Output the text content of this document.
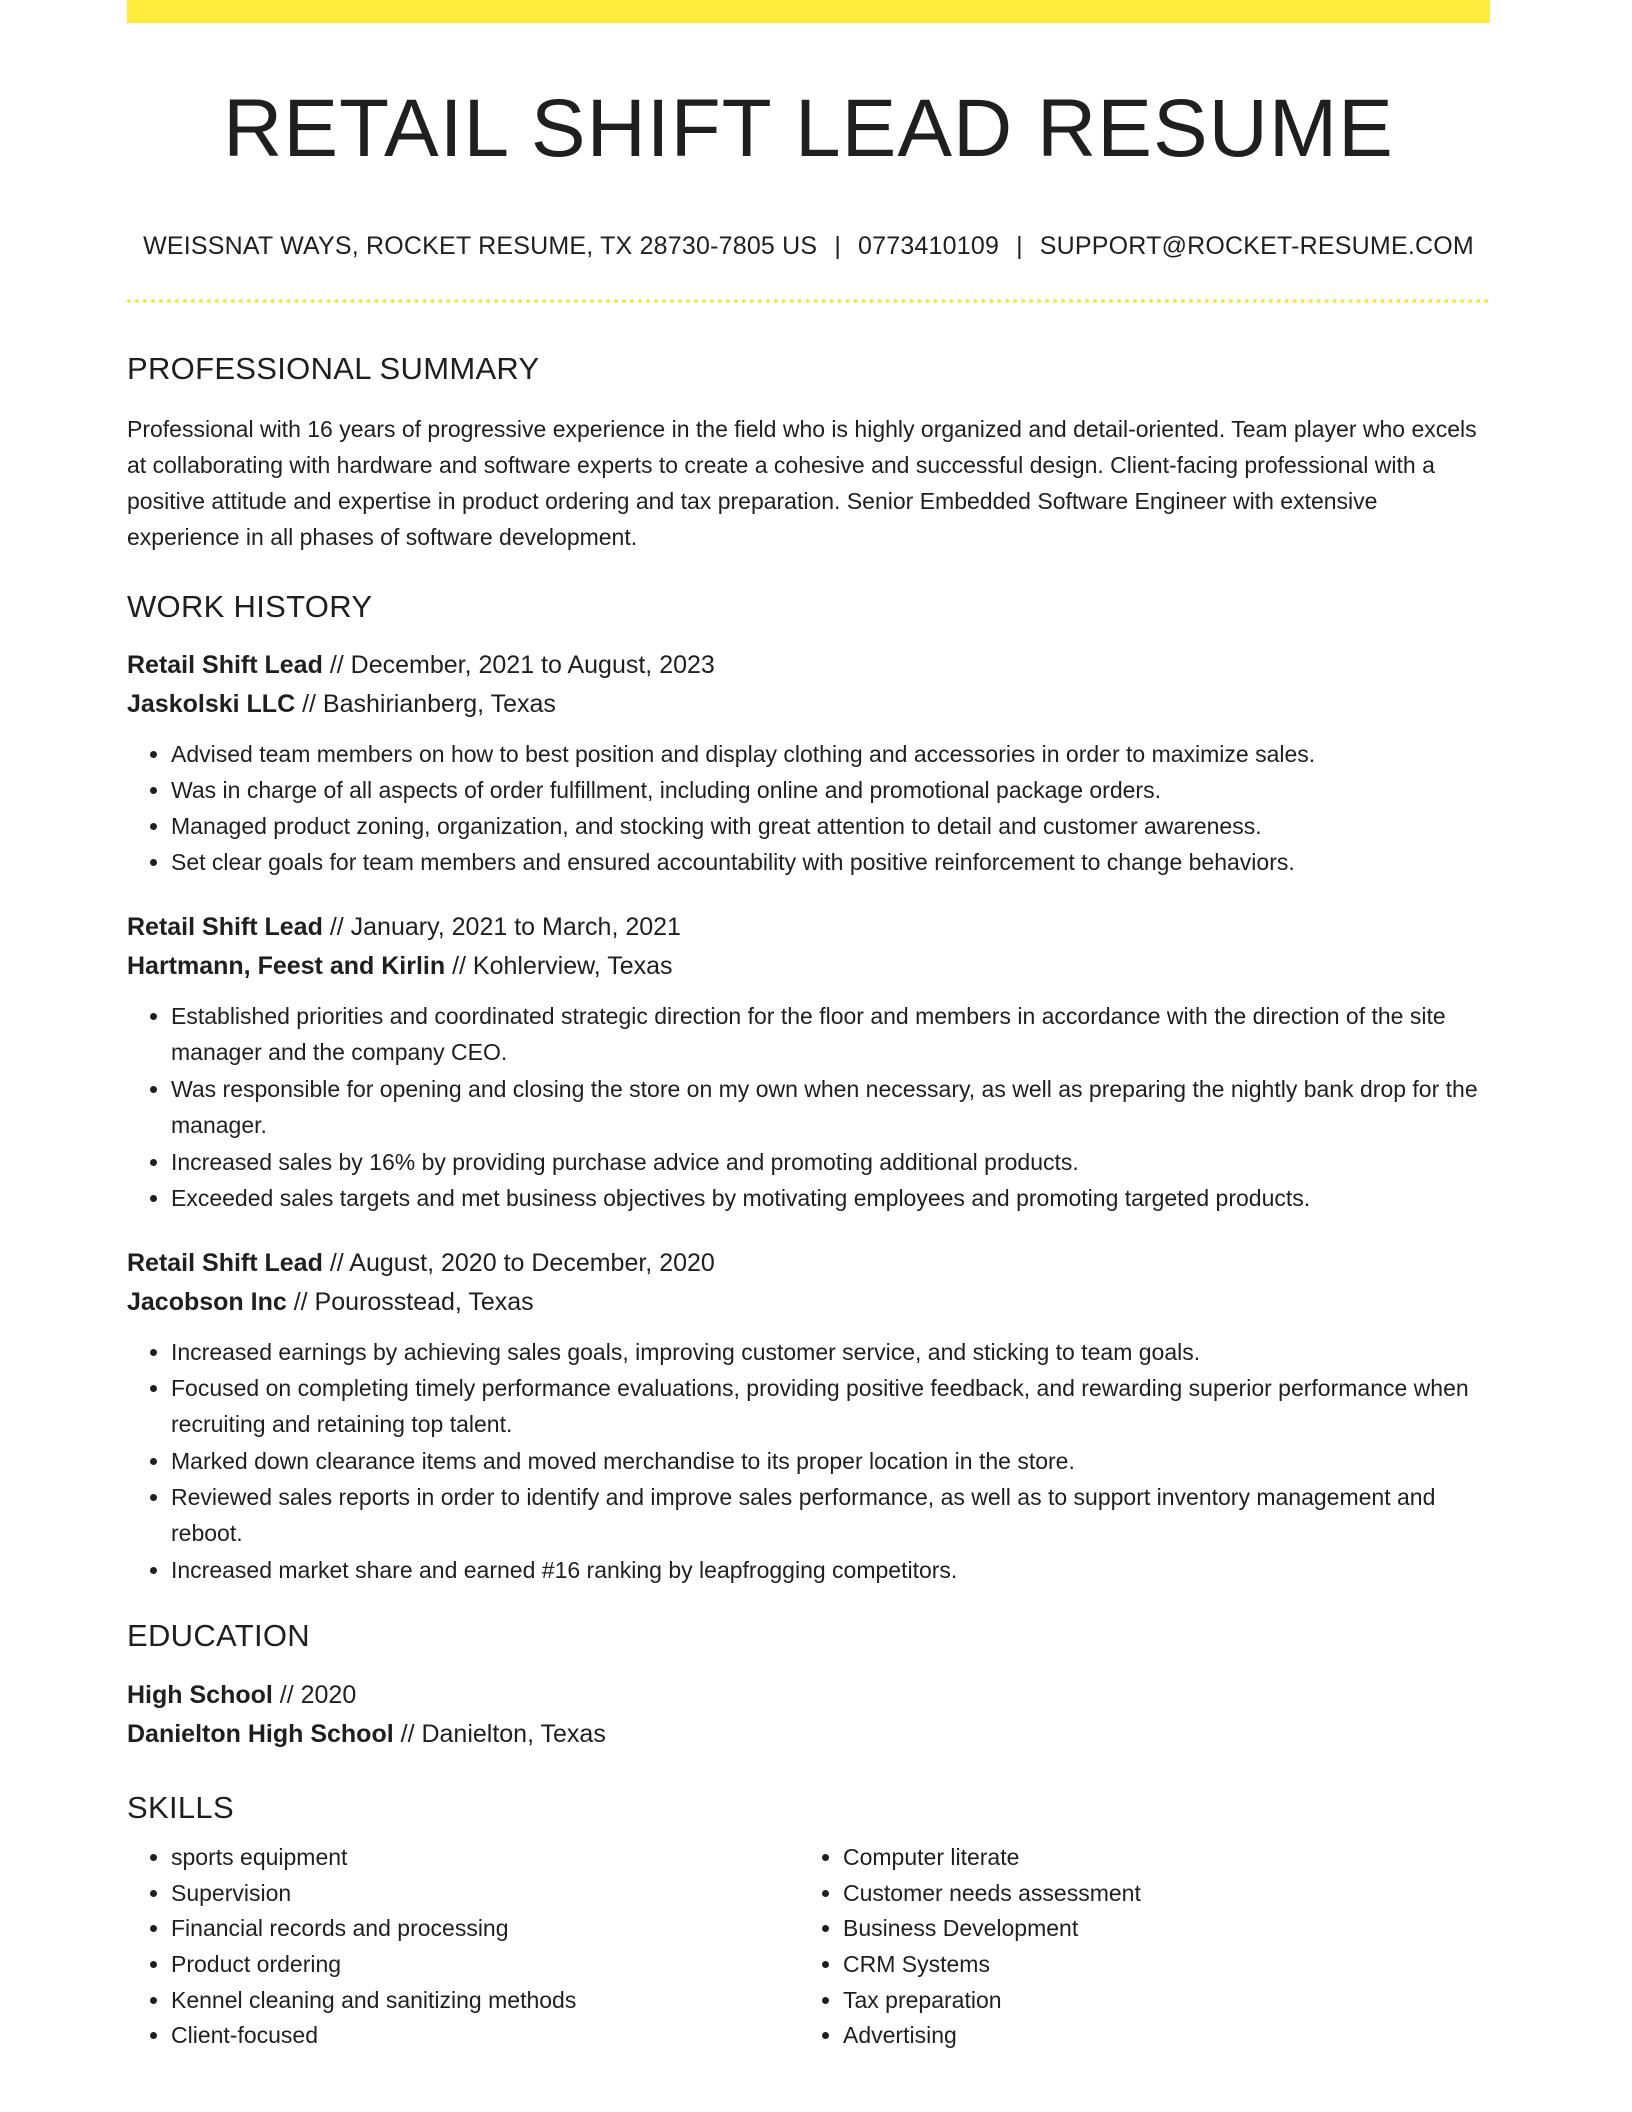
RETAIL SHIFT LEAD RESUME
WEISSNAT WAYS, ROCKET RESUME, TX 28730-7805 US | 0773410109 | SUPPORT@ROCKET-RESUME.COM
PROFESSIONAL SUMMARY
Professional with 16 years of progressive experience in the field who is highly organized and detail-oriented. Team player who excels at collaborating with hardware and software experts to create a cohesive and successful design. Client-facing professional with a positive attitude and expertise in product ordering and tax preparation. Senior Embedded Software Engineer with extensive experience in all phases of software development.
WORK HISTORY
Retail Shift Lead // December, 2021 to August, 2023
Jaskolski LLC // Bashirianberg, Texas
• Advised team members on how to best position and display clothing and accessories in order to maximize sales.
• Was in charge of all aspects of order fulfillment, including online and promotional package orders.
• Managed product zoning, organization, and stocking with great attention to detail and customer awareness.
• Set clear goals for team members and ensured accountability with positive reinforcement to change behaviors.
Retail Shift Lead // January, 2021 to March, 2021
Hartmann, Feest and Kirlin // Kohlerview, Texas
• Established priorities and coordinated strategic direction for the floor and members in accordance with the direction of the site manager and the company CEO.
• Was responsible for opening and closing the store on my own when necessary, as well as preparing the nightly bank drop for the manager.
• Increased sales by 16% by providing purchase advice and promoting additional products.
• Exceeded sales targets and met business objectives by motivating employees and promoting targeted products.
Retail Shift Lead // August, 2020 to December, 2020
Jacobson Inc // Pourosstead, Texas
• Increased earnings by achieving sales goals, improving customer service, and sticking to team goals.
• Focused on completing timely performance evaluations, providing positive feedback, and rewarding superior performance when recruiting and retaining top talent.
• Marked down clearance items and moved merchandise to its proper location in the store.
• Reviewed sales reports in order to identify and improve sales performance, as well as to support inventory management and reboot.
• Increased market share and earned #16 ranking by leapfrogging competitors.
EDUCATION
High School // 2020
Danielton High School // Danielton, Texas
SKILLS
• sports equipment
• Supervision
• Financial records and processing
• Product ordering
• Kennel cleaning and sanitizing methods
• Client-focused
• Computer literate
• Customer needs assessment
• Business Development
• CRM Systems
• Tax preparation
• Advertising
